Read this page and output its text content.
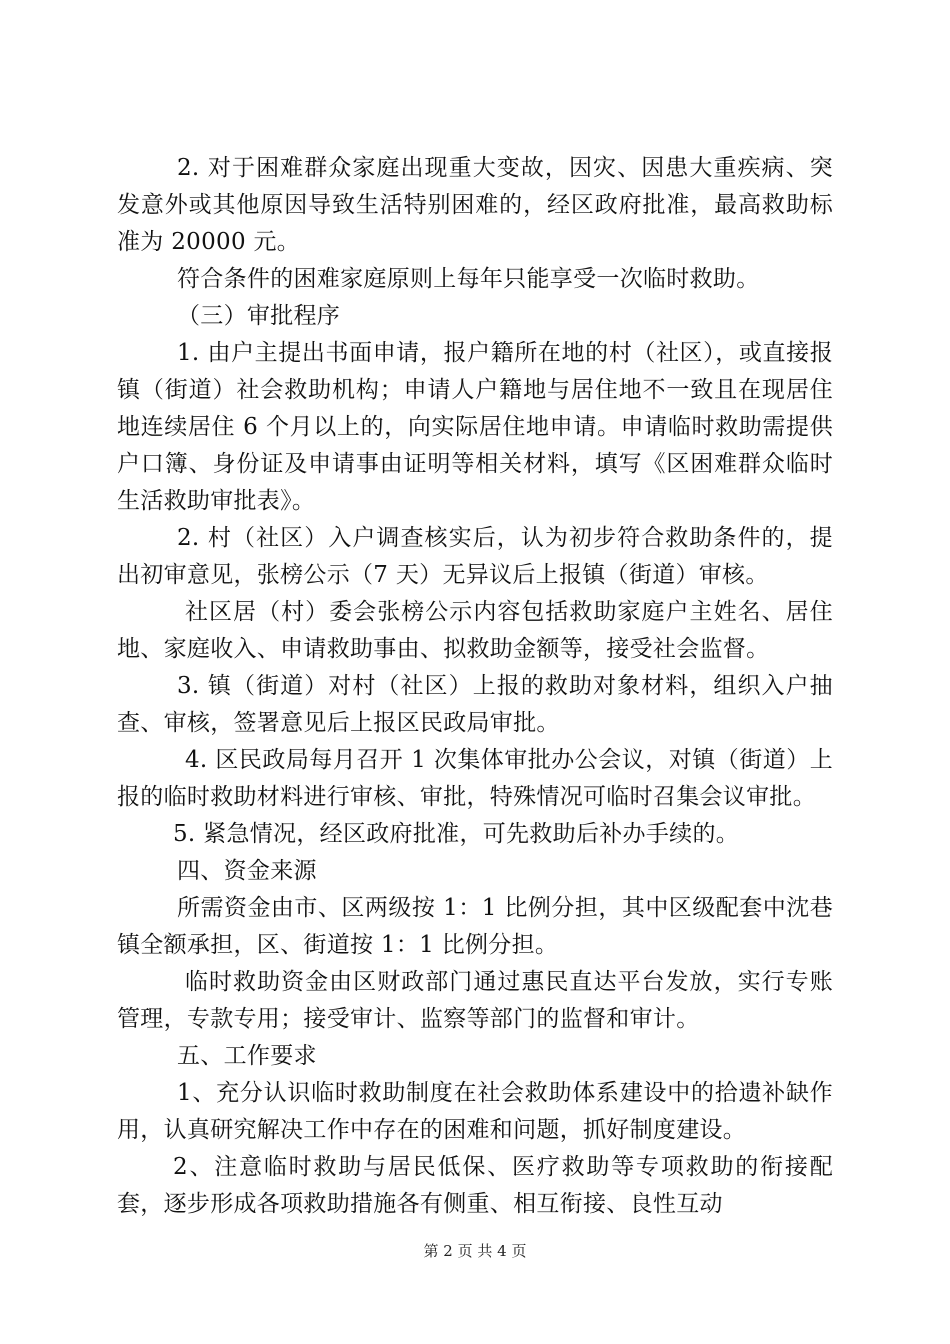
2. 对于困难群众家庭出现重大变故，因灾、因患大重疾病、突发意外或其他原因导致生活特别困难的，经区政府批准，最高救助标准为 20000 元。

符合条件的困难家庭原则上每年只能享受一次临时救助。

（三）审批程序

1. 由户主提出书面申请，报户籍所在地的村（社区），或直接报镇（街道）社会救助机构；申请人户籍地与居住地不一致且在现居住地连续居住 6 个月以上的，向实际居住地申请。申请临时救助需提供户口簿、身份证及申请事由证明等相关材料，填写《区困难群众临时生活救助审批表》。

2. 村（社区）入户调查核实后，认为初步符合救助条件的，提出初审意见，张榜公示（7 天）无异议后上报镇（街道）审核。

社区居（村）委会张榜公示内容包括救助家庭户主姓名、居住地、家庭收入、申请救助事由、拟救助金额等，接受社会监督。

3. 镇（街道）对村（社区）上报的救助对象材料，组织入户抽查、审核，签署意见后上报区民政局审批。

4. 区民政局每月召开 1 次集体审批办公会议，对镇（街道）上报的临时救助材料进行审核、审批，特殊情况可临时召集会议审批。

5. 紧急情况，经区政府批准，可先救助后补办手续的。

四、资金来源

所需资金由市、区两级按 1：1 比例分担，其中区级配套中沈巷镇全额承担，区、街道按 1：1 比例分担。

临时救助资金由区财政部门通过惠民直达平台发放，实行专账管理，专款专用；接受审计、监察等部门的监督和审计。

五、工作要求

1、充分认识临时救助制度在社会救助体系建设中的拾遗补缺作用，认真研究解决工作中存在的困难和问题，抓好制度建设。

2、注意临时救助与居民低保、医疗救助等专项救助的衔接配套，逐步形成各项救助措施各有侧重、相互衔接、良性互动

第 2 页 共 4 页
